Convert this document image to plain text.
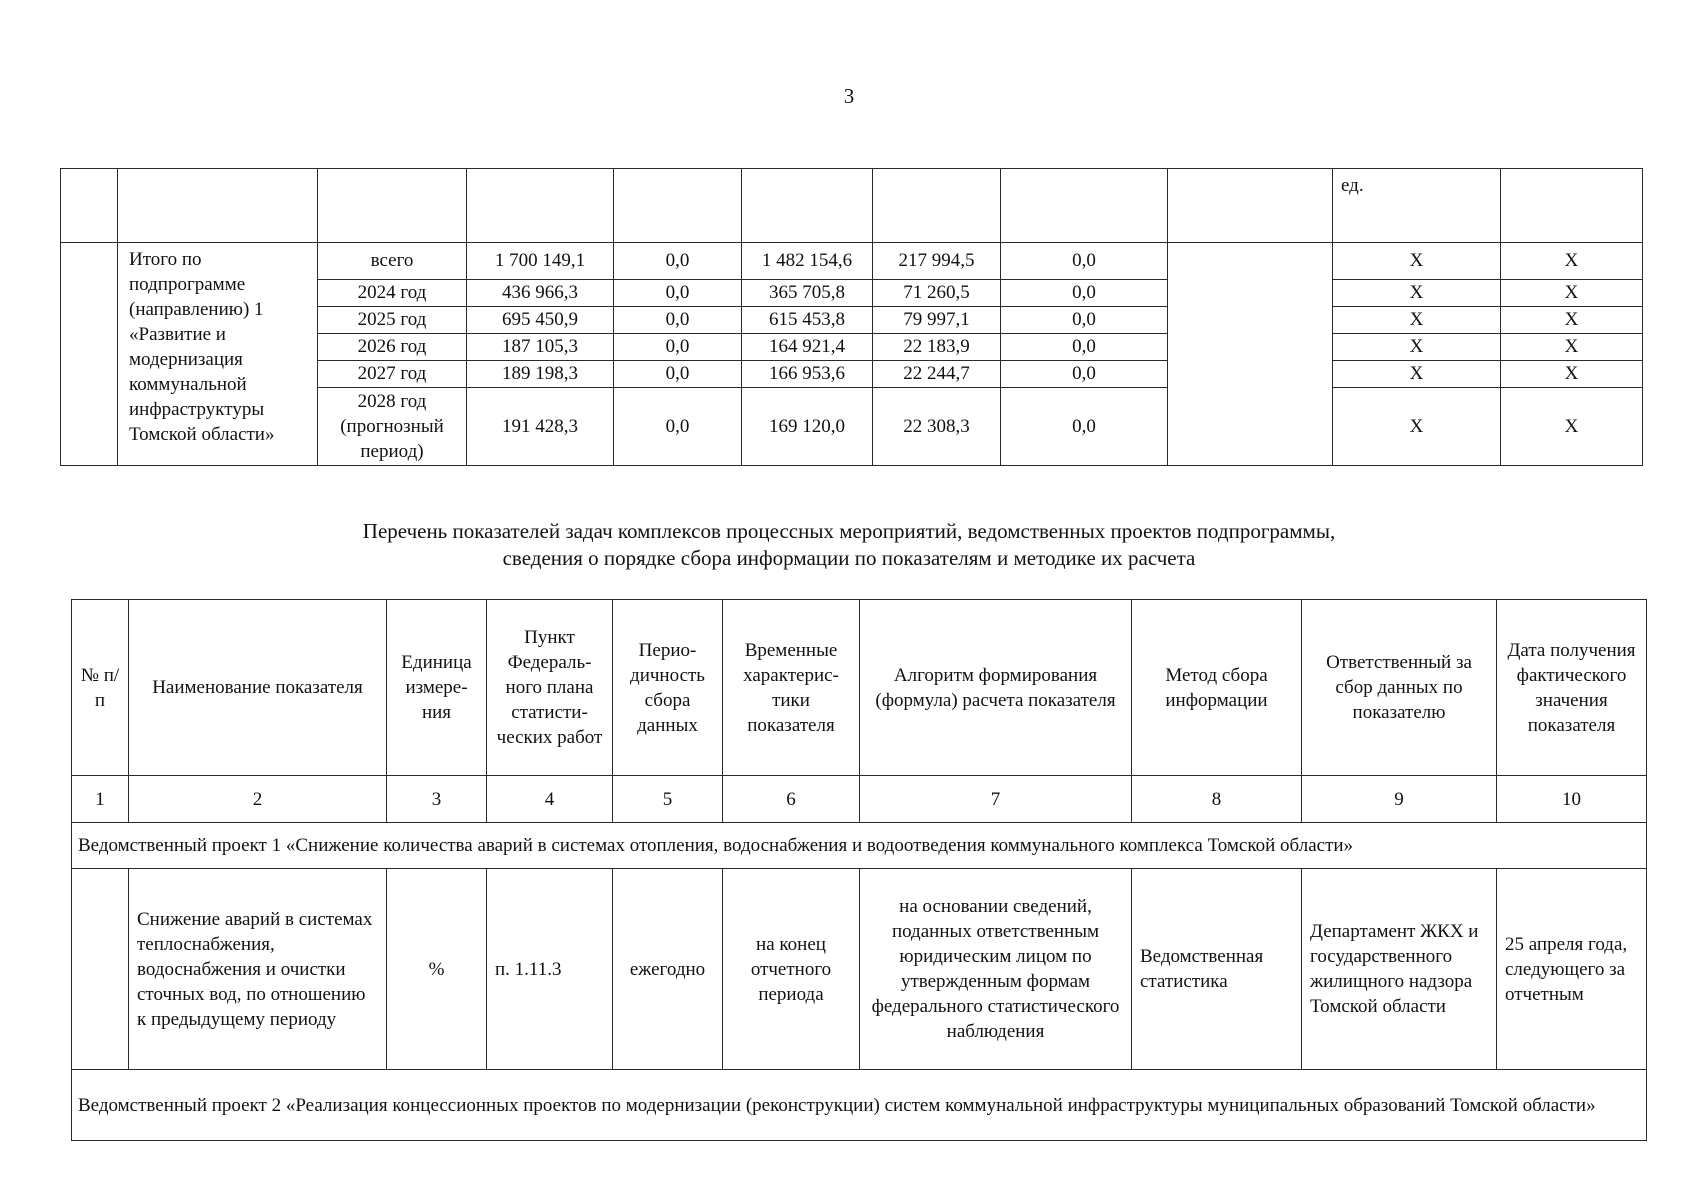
3
									ед.	
	Итого по подпрограмме (направлению) 1 «Развитие и модернизация коммунальной инфраструктуры Томской области»	всего	1 700 149,1	0,0	1 482 154,6	217 994,5	0,0		Х	Х
		2024 год	436 966,3	0,0	365 705,8	71 260,5	0,0		Х	Х
		2025 год	695 450,9	0,0	615 453,8	79 997,1	0,0		Х	Х
		2026 год	187 105,3	0,0	164 921,4	22 183,9	0,0		Х	Х
		2027 год	189 198,3	0,0	166 953,6	22 244,7	0,0		Х	Х
		2028 год (прогнозный период)	191 428,3	0,0	169 120,0	22 308,3	0,0		Х	Х
Перечень показателей задач комплексов процессных мероприятий, ведомственных проектов подпрограммы,
сведения о порядке сбора информации по показателям и методике их расчета
№ п/п	Наименование показателя	Единица измере-ния	Пункт Федераль-ного плана статисти-ческих работ	Перио-дичность сбора данных	Временные характерис-тики показателя	Алгоритм формирования (формула) расчета показателя	Метод сбора информации	Ответственный за сбор данных по показателю	Дата получения фактического значения показателя
1	2	3	4	5	6	7	8	9	10
Ведомственный проект 1 «Снижение количества аварий в системах отопления, водоснабжения и водоотведения коммунального комплекса Томской области»									
	Снижение аварий в системах теплоснабжения, водоснабжения и очистки сточных вод, по отношению к предыдущему периоду	%	п. 1.11.3	ежегодно	на конец отчетного периода	на основании сведений, поданных ответственным юридическим лицом по утвержденным формам федерального статистического наблюдения	Ведомственная статистика	Департамент ЖКХ и государственного жилищного надзора Томской области	25 апреля года, следующего за отчетным
Ведомственный проект 2 «Реализация концессионных проектов по модернизации (реконструкции) систем коммунальной инфраструктуры муниципальных образований Томской области»									
